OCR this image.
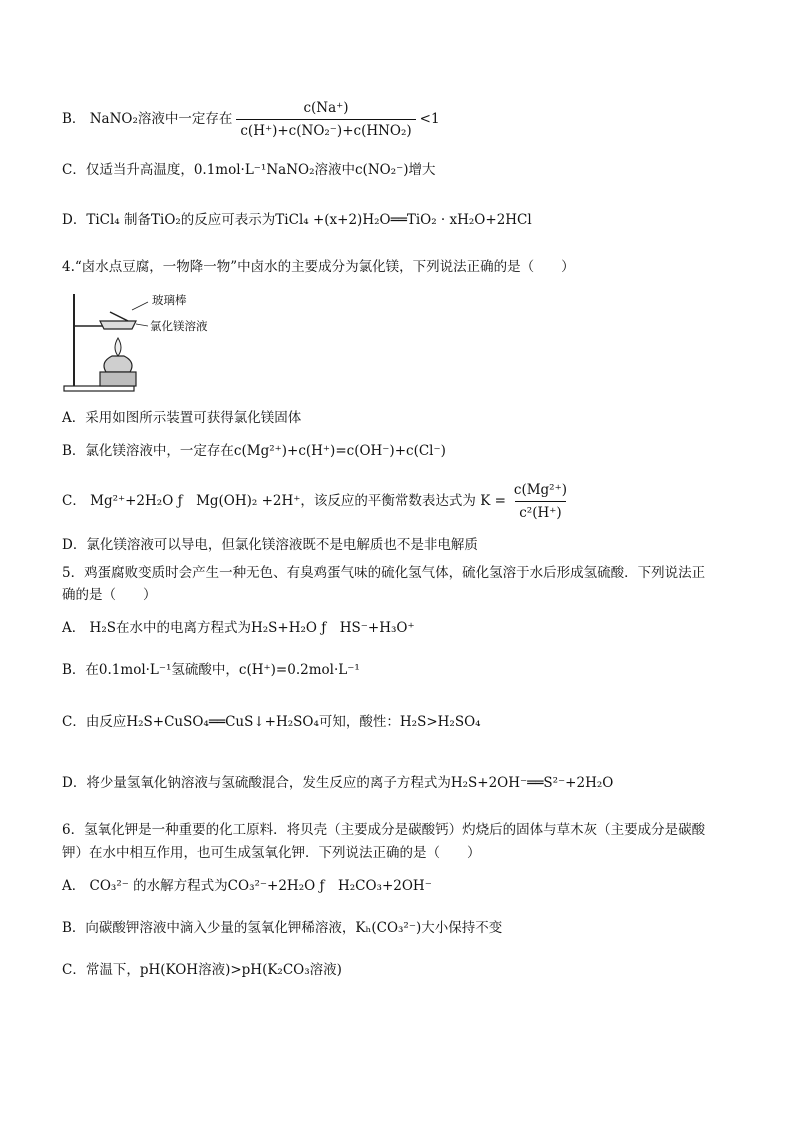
B． NaNO₂溶液中一定存在 $\frac{c(Na^+)}{\text{c(H⁺)+c(NO₂⁻)+c(HNO₂)}} <1$
C．仅适当升高温度，0.1mol·L⁻¹NaNO₂溶液中c(NO₂⁻)增大
D．TiCl₄ 制备TiO₂的反应可表示为TiCl₄ +(x+2)H₂O══TiO₂ · xH₂O+2HCl
4.“卤水点豆腐，一物降一物”中卤水的主要成分为氯化镁，下列说法正确的是（　　）
玻璃棒
氯化镁溶液
A．采用如图所示装置可获得氯化镁固体
B．氯化镁溶液中，一定存在c(Mg²⁺)+c(H⁺)=c(OH⁻)+c(Cl⁻)
C． Mg²⁺+2H₂O ƒ　Mg(OH)₂ +2H⁺，该反应的平衡常数表达式为 $K = \frac{\text{c(Mg²⁺)}}{\text{c²(H⁺)}}$
D．氯化镁溶液可以导电，但氯化镁溶液既不是电解质也不是非电解质
5．鸡蛋腐败变质时会产生一种无色、有臭鸡蛋气味的硫化氢气体，硫化氢溶于水后形成氢硫酸．下列说法正
确的是（　　）
A． H₂S在水中的电离方程式为H₂S+H₂O ƒ　HS⁻+H₃O⁺
B．在0.1mol·L⁻¹氢硫酸中，c(H⁺)=0.2mol·L⁻¹
C．由反应H₂S+CuSO₄══CuS↓+H₂SO₄可知，酸性：H₂S>H₂SO₄
D．将少量氢氧化钠溶液与氢硫酸混合，发生反应的离子方程式为H₂S+2OH⁻══S²⁻+2H₂O
6．氢氧化钾是一种重要的化工原料．将贝壳（主要成分是碳酸钙）灼烧后的固体与草木灰（主要成分是碳酸
钾）在水中相互作用，也可生成氢氧化钾．下列说法正确的是（　　）
A． CO₃²⁻ 的水解方程式为CO₃²⁻+2H₂O ƒ　H₂CO₃+2OH⁻
B．向碳酸钾溶液中滴入少量的氢氧化钾稀溶液，Kₕ(CO₃²⁻)大小保持不变
C．常温下，pH(KOH溶液)>pH(K₂CO₃溶液)
